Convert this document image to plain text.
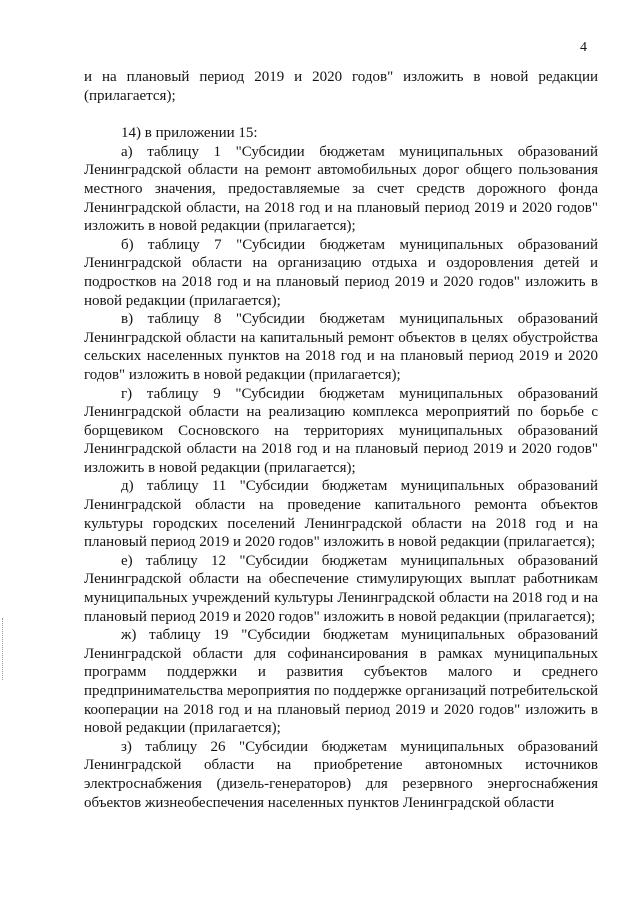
4

и на плановый период 2019 и 2020 годов" изложить в новой редакции (прилагается);

14) в приложении 15:

а) таблицу 1 "Субсидии бюджетам муниципальных образований Ленинградской области на ремонт автомобильных дорог общего пользования местного значения, предоставляемые за счет средств дорожного фонда Ленинградской области, на 2018 год и на плановый период 2019 и 2020 годов" изложить в новой редакции (прилагается);

б) таблицу 7 "Субсидии бюджетам муниципальных образований Ленинградской области на организацию отдыха и оздоровления детей и подростков на 2018 год и на плановый период 2019 и 2020 годов" изложить в новой редакции (прилагается);

в) таблицу 8 "Субсидии бюджетам муниципальных образований Ленинградской области на капитальный ремонт объектов в целях обустройства сельских населенных пунктов на 2018 год и на плановый период 2019 и 2020 годов" изложить в новой редакции (прилагается);

г) таблицу 9 "Субсидии бюджетам муниципальных образований Ленинградской области на реализацию комплекса мероприятий по борьбе с борщевиком Сосновского на территориях муниципальных образований Ленинградской области на 2018 год и на плановый период 2019 и 2020 годов" изложить в новой редакции (прилагается);

д) таблицу 11 "Субсидии бюджетам муниципальных образований Ленинградской области на проведение капитального ремонта объектов культуры городских поселений Ленинградской области на 2018 год и на плановый период 2019 и 2020 годов" изложить в новой редакции (прилагается);

е) таблицу 12 "Субсидии бюджетам муниципальных образований Ленинградской области на обеспечение стимулирующих выплат работникам муниципальных учреждений культуры Ленинградской области на 2018 год и на плановый период 2019 и 2020 годов" изложить в новой редакции (прилагается);

ж) таблицу 19 "Субсидии бюджетам муниципальных образований Ленинградской области для софинансирования в рамках муниципальных программ поддержки и развития субъектов малого и среднего предпринимательства мероприятия по поддержке организаций потребительской кооперации на 2018 год и на плановый период 2019 и 2020 годов" изложить в новой редакции (прилагается);

з) таблицу 26 "Субсидии бюджетам муниципальных образований Ленинградской области на приобретение автономных источников электроснабжения (дизель-генераторов) для резервного энергоснабжения объектов жизнеобеспечения населенных пунктов Ленинградской области
